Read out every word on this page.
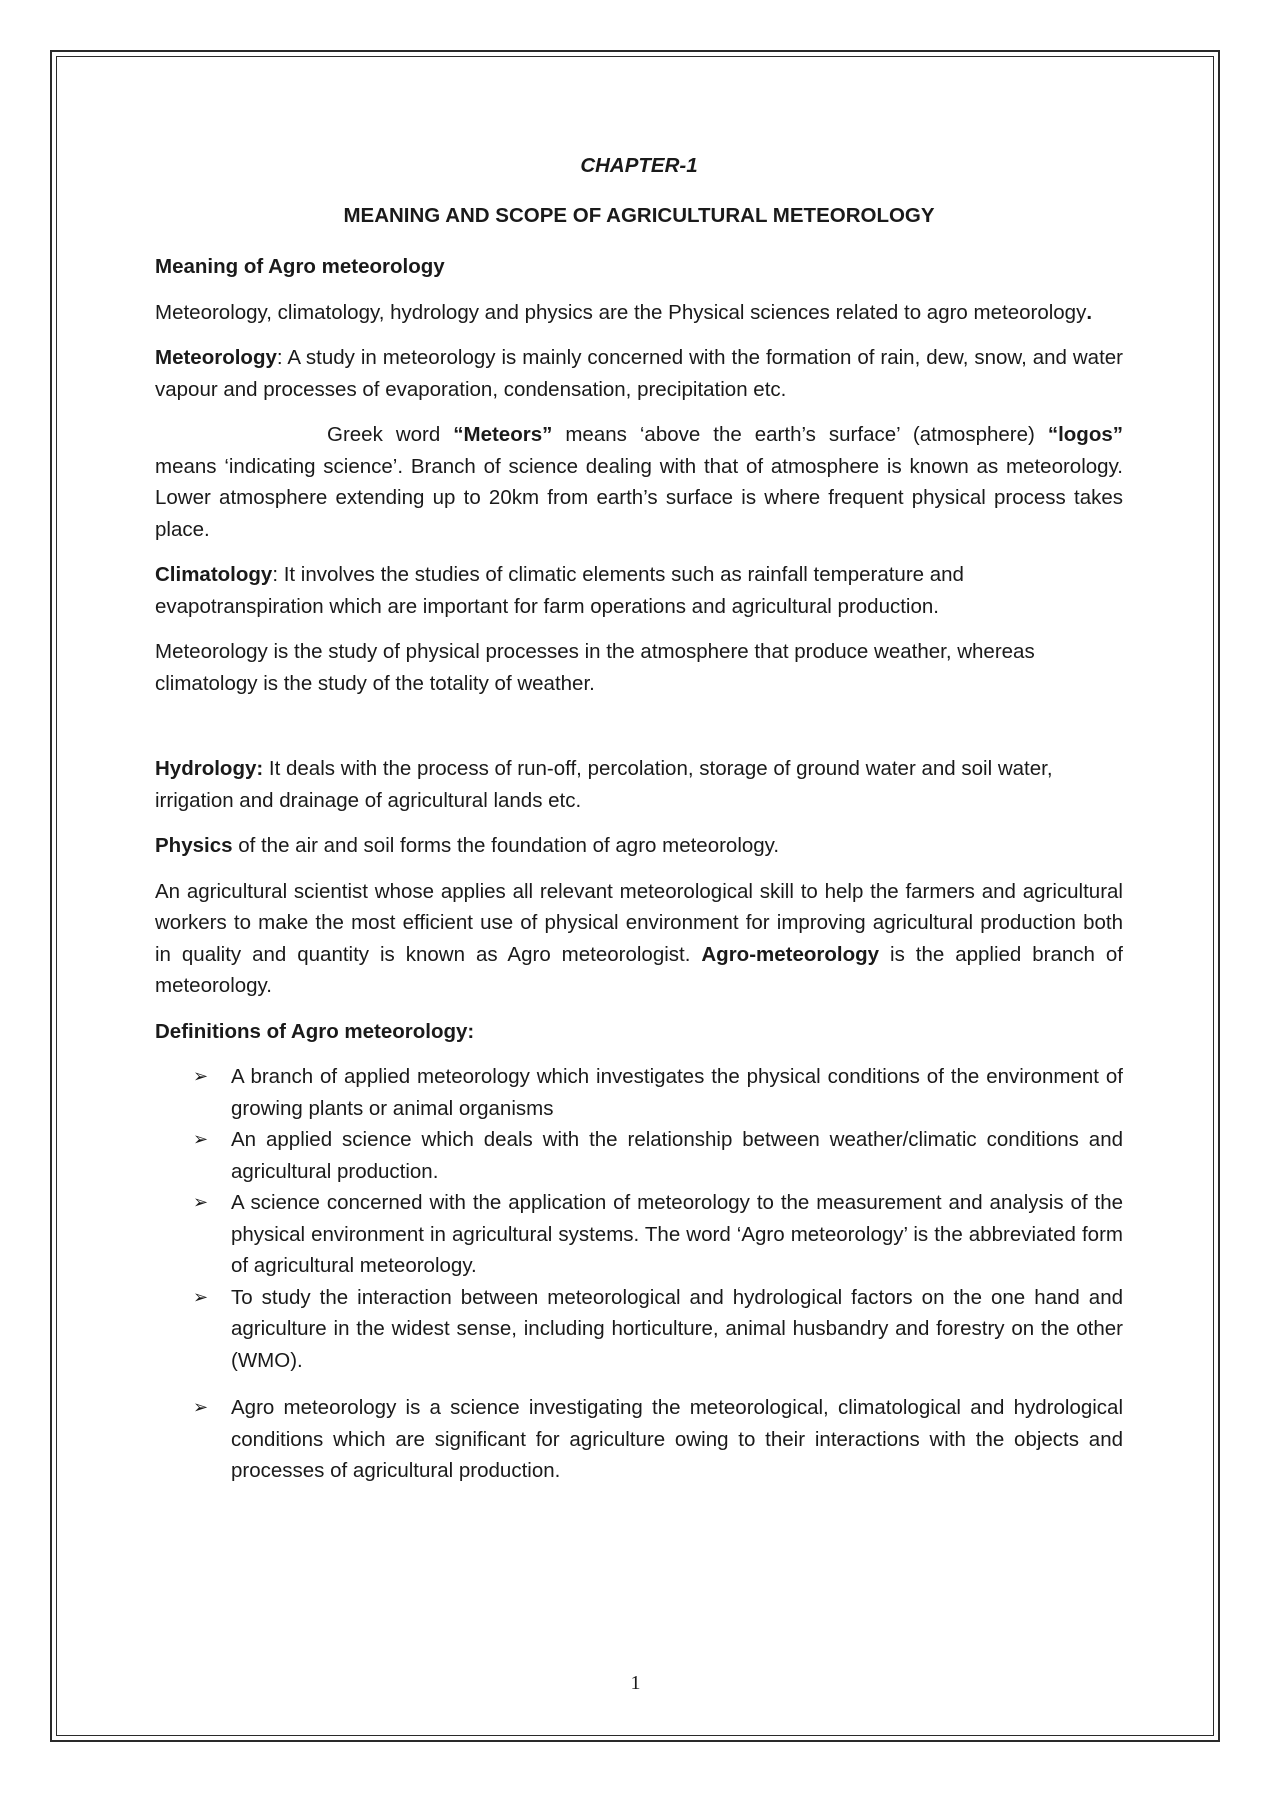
CHAPTER-1
MEANING AND SCOPE OF AGRICULTURAL METEOROLOGY
Meaning of Agro meteorology

Meteorology, climatology, hydrology and physics are the Physical sciences related to agro meteorology.

Meteorology: A study in meteorology is mainly concerned with the formation of rain, dew, snow, and water vapour and processes of evaporation, condensation, precipitation etc.

Greek word “Meteors” means ‘above the earth’s surface’ (atmosphere) “logos” means ‘indicating science’. Branch of science dealing with that of atmosphere is known as meteorology. Lower atmosphere extending up to 20km from earth’s surface is where frequent physical process takes place.

Climatology: It involves the studies of climatic elements such as rainfall temperature and evapotranspiration which are important for farm operations and agricultural production.

Meteorology is the study of physical processes in the atmosphere that produce weather, whereas climatology is the study of the totality of weather.

Hydrology: It deals with the process of run-off, percolation, storage of ground water and soil water, irrigation and drainage of agricultural lands etc.

Physics of the air and soil forms the foundation of agro meteorology.

An agricultural scientist whose applies all relevant meteorological skill to help the farmers and agricultural workers to make the most efficient use of physical environment for improving agricultural production both in quality and quantity is known as Agro meteorologist. Agro-meteorology is the applied branch of meteorology.

Definitions of Agro meteorology:
➢ A branch of applied meteorology which investigates the physical conditions of the environment of growing plants or animal organisms
➢ An applied science which deals with the relationship between weather/climatic conditions and agricultural production.
➢ A science concerned with the application of meteorology to the measurement and analysis of the physical environment in agricultural systems. The word ‘Agro meteorology’ is the abbreviated form of agricultural meteorology.
➢ To study the interaction between meteorological and hydrological factors on the one hand and agriculture in the widest sense, including horticulture, animal husbandry and forestry on the other (WMO).
➢ Agro meteorology is a science investigating the meteorological, climatological and hydrological conditions which are significant for agriculture owing to their interactions with the objects and processes of agricultural production.
1
